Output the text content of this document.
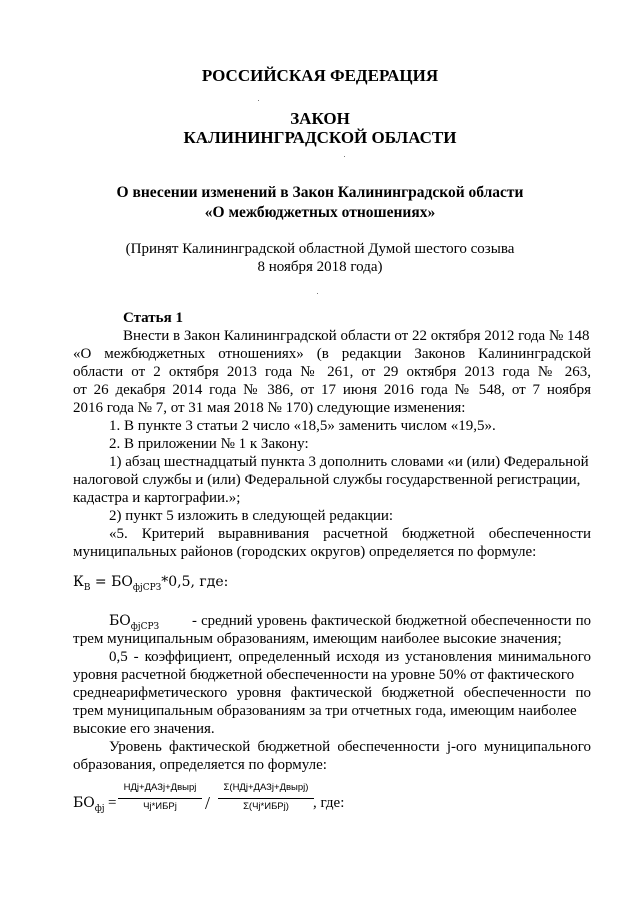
РОССИЙСКАЯ ФЕДЕРАЦИЯ
ЗАКОН
КАЛИНИНГРАДСКОЙ ОБЛАСТИ
О внесении изменений в Закон Калининградской области
«О межбюджетных отношениях»
(Принят Калининградской областной Думой шестого созыва
8 ноября 2018 года)
Статья 1
Внести в Закон Калининградской области от 22 октября 2012 года № 148
«О межбюджетных отношениях» (в редакции Законов Калининградской
области от 2 октября 2013 года № 261, от 29 октября 2013 года № 263,
от 26 декабря 2014 года № 386, от 17 июня 2016 года № 548, от 7 ноября
2016 года № 7, от 31 мая 2018 № 170) следующие изменения:
1. В пункте 3 статьи 2 число «18,5» заменить числом «19,5».
2. В приложении № 1 к Закону:
1) абзац шестнадцатый пункта 3 дополнить словами «и (или) Федеральной
налоговой службы и (или) Федеральной службы государственной регистрации,
кадастра и картографии.»;
2) пункт 5 изложить в следующей редакции:
«5. Критерий выравнивания расчетной бюджетной обеспеченности
муниципальных районов (городских округов) определяется по формуле:
$К_В = БО_{фjСРЗ}*0,5$, где:
$БО_{фjСРЗ}$ - средний уровень фактической бюджетной обеспеченности по
трем муниципальным образованиям, имеющим наиболее высокие значения;
0,5 - коэффициент, определенный исходя из установления минимального
уровня расчетной бюджетной обеспеченности на уровне 50% от фактического
среднеарифметического уровня фактической бюджетной обеспеченности по
трем муниципальным образованиям за три отчетных года, имеющим наиболее
высокие его значения.
Уровень фактической бюджетной обеспеченности j-ого муниципального
образования, определяется по формуле:
$БО_{фj}$ =
НДj+ДАЗj+Двырj
Чj*ИБРj	/
Σ(НДj+ДАЗj+Двырj)
Σ(Чj*ИБРj)	, где:
